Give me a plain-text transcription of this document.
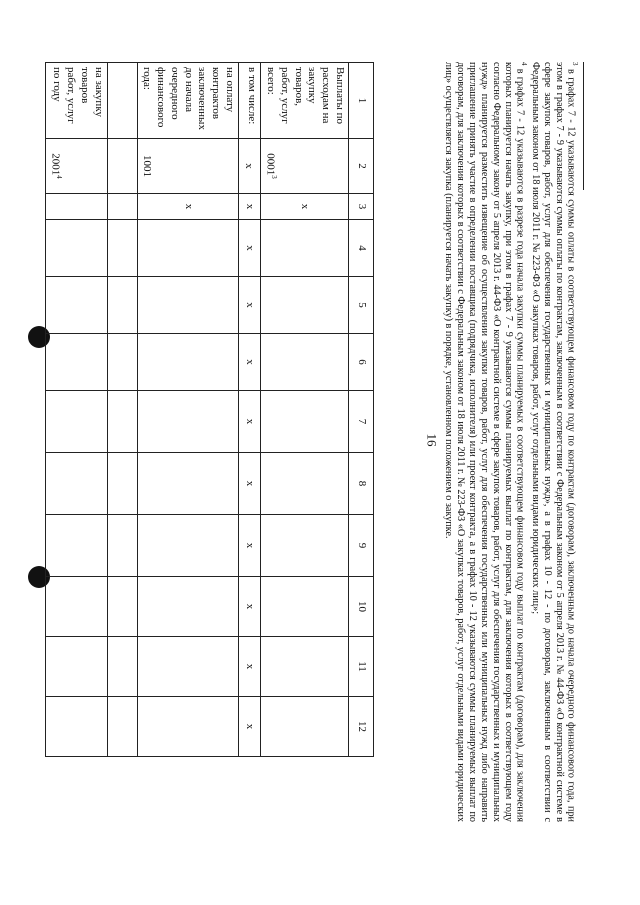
16
1	2	3	4	5	6	7	8	9	10	11	12
Выплаты по расходам на закупку товаров, работ, услуг всего:	0001$^3$	х									
в том числе:	х	х	х	х	х	х	х	х	х	х	х
на оплату контрактов заключенных до начала очередного финансового года:	1001	х									

на закупку товаров работ, услуг по году	2001$^4$										

$^3$ в графах 7 - 12 указываются суммы оплаты в соответствующем финансовом году по контрактам (договорам), заключенным до начала очередного финансового года, при этом в графах 7 - 9 указываются суммы оплаты по контрактам, заключенным в соответствии с Федеральным законом от 5 апреля 2013 г. № 44-ФЗ «О контрактной системе в сфере закупок товаров, работ, услуг для обеспечения государственных и муниципальных нужд», а в графах 10 - 12 - по договорам, заключенным в соответствии с Федеральным законом от 18 июля 2011 г. № 223-ФЗ «О закупках товаров, работ, услуг отдельными видами юридических лиц»;

$^4$ в графах 7 - 12 указываются в разрезе года начала закупки суммы планируемых в соответствующем финансовом году выплат по контрактам (договорам), для заключения которых планируется начать закупку, при этом в графах 7 - 9 указываются суммы планируемых выплат по контрактам, для заключения которых в соответствующем году согласно Федеральному закону от 5 апреля 2013 г. 44-ФЗ «О контрактной системе в сфере закупок товаров, работ, услуг для обеспечения государственных и муниципальных нужд» планируется разместить извещение об осуществлении закупки товаров, работ, услуг для обеспечения государственных или муниципальных нужд либо направить приглашение принять участие в определении поставщика (подрядчика, исполнителя) или проект контракта, а в графах 10 - 12 указываются суммы планируемых выплат по договорам, для заключения которых в соответствии с Федеральным законом от 18 июля 2011 г. № 223-ФЗ «О закупках товаров, работ, услуг отдельными видами юридических лиц» осуществляется закупка (планируется начать закупку) в порядке, установленном положением о закупке.
